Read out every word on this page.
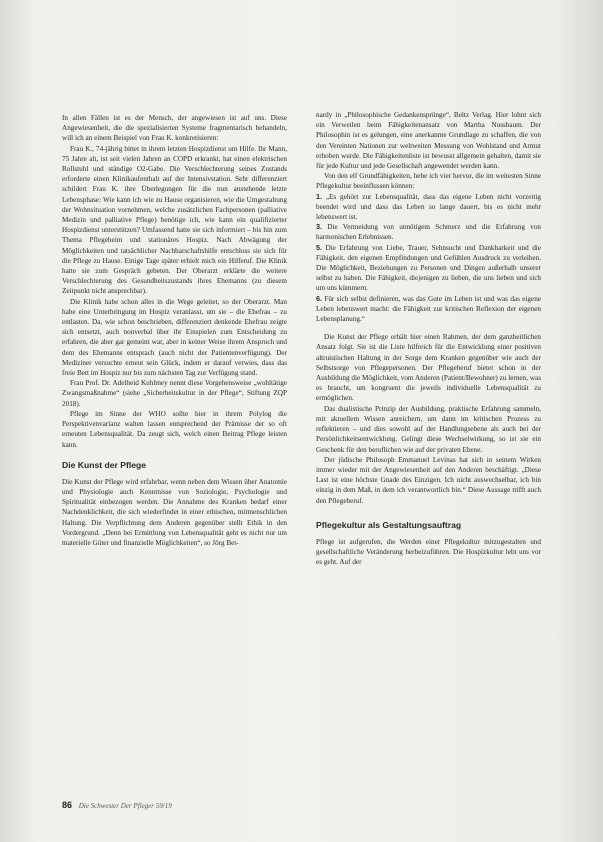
In allen Fällen ist es der Mensch, der angewiesen ist auf uns. Diese Angewiesenheit, die die spezialisierten Systeme fragmentarisch behandeln, will ich an einem Beispiel von Frau K. konkretisieren:

Frau K., 74-jährig bittet in ihrem letzten Hospizdienst um Hilfe. Ihr Mann, 75 Jahre alt, ist seit vielen Jahren an COPD erkrankt, hat einen elektrischen Rollstuhl und ständige O2-Gabe. Die Verschlechterung seines Zustands erforderte einen Klinikaufenthalt auf der Intensivstation. Sehr differenziert schildert Frau K. ihre Überlegungen für die nun anstehende letzte Lebensphase: Wie kann ich wie zu Hause organisieren, wie die Umgestaltung der Wohnsituation vornehmen, welche zusätzlichen Fachpersonen (palliative Medizin und palliative Pflege) benötige ich, wie kann ein qualifizierter Hospizdienst unterstützen? Umfassend hatte sie sich informiert – bis hin zum Thema Pflegeheim und stationäres Hospiz. Nach Abwägung der Möglichkeiten und tatsächlicher Nachbarschaftshilfe entschloss sie sich für die Pflege zu Hause. Einige Tage später erhielt mich ein Hilferuf. Die Klinik hatte sie zum Gespräch gebeten. Der Oberarzt erklärte die weitere Verschlechterung des Gesundheitszustands ihres Ehemanns (zu diesem Zeitpunkt nicht ansprechbar).

Die Klinik habe schon alles in die Wege geleitet, so der Oberarzt. Man habe eine Unterbringung im Hospiz veranlasst, um sie – die Ehefrau – zu entlasten. Da, wie schon beschrieben, differenziert denkende Ehefrau zeigte sich entsetzt, auch nonverbal über ihr Einspielen zum Entscheidung zu erfahren, die aber gar gemeint war, aber in keiner Weise ihrem Anspruch und dem des Ehemanns entsprach (auch nicht der Patientenverfügung). Der Mediziner versuchte erneut sein Glück, indem er darauf verwies, dass das freie Bett im Hospiz nur bis zum nächsten Tag zur Verfügung stand.

Frau Prof. Dr. Adelheid Kuhlmey nennt diese Vorgehensweise „wohltätige Zwangsmaßnahme“ (siehe „Sicherheitskultur in der Pflege“, Stiftung ZQP 2018).

Pflege im Sinne der WHO sollte hier in ihrem Polylog die Perspektivenvarianz walten lassen entsprechend der Prämisse der so oft erneuten Lebensqualität. Da zeugt sich, welch einen Beitrag Pflege leisten kann.

Die Kunst der Pflege

Die Kunst der Pflege wird erfahrbar, wenn neben dem Wissen über Anatomie und Physiologie auch Kenntnisse von Soziologie, Psychologie und Spiritualität einbezogen werden. Die Annahme des Kranken bedarf einer Nachdenklichkeit, die sich wiederfindet in einer ethischen, mitmenschlichen Haltung. Die Verpflichtung dem Anderen gegenüber stellt Ethik in den Vordergrund. „Denn bei Ermittlung von Lebensqualität geht es nicht nur um materielle Güter und finanzielle Möglichkeiten“, so Jörg Bet-

nardy in „Philosophische Gedankensprünge“, Beltz Verlag. Hier lohnt sich ein Verweilen beim Fähigkeitenansatz von Martha Nussbaum. Der Philosophin ist es gelungen, eine anerkannte Grundlage zu schaffen, die von den Vereinten Nationen zur weltweiten Messung von Wohlstand und Armut erhoben wurde. Die Fähigkeitenliste ist bewusst allgemein gehalten, damit sie für jede Kultur und jede Gesellschaft angewendet werden kann.

Von den elf Grundfähigkeiten, hebe ich vier hervor, die im weitesten Sinne Pflegekultur beeinflussen können:

1. „Es gehört zur Lebensqualität, dass das eigene Leben nicht vorzeitig beendet wird und dass das Leben so lange dauert, bis es nicht mehr lebenswert ist.
3. Die Vermeidung von unnötigem Schmerz und die Erfahrung von harmonischen Erlebnissen.
5. Die Erfahrung von Liebe, Trauer, Sehnsucht und Dankbarkeit und die Fähigkeit, den eigenen Empfindungen und Gefühlen Ausdruck zu verleihen. Die Möglichkeit, Beziehungen zu Personen und Dingen außerhalb unserer selbst zu haben. Die Fähigkeit, diejenigen zu lieben, die uns lieben und sich um uns kümmern.
6. Für sich selbst definieren, was das Gute im Leben ist und was das eigene Leben lebenswert macht: die Fähigkeit zur kritischen Reflexion der eigenen Lebensplanung.“

Die Kunst der Pflege erhält hier einen Rahmen, der dem ganzheitlichen Ansatz folgt. Sie ist die Liste hilfreich für die Entwicklung einer positiven altruistischen Haltung in der Sorge dem Kranken gegenüber wie auch der Selbstsorge von Pflegepersonen. Der Pflegeberuf bietet schon in der Ausbildung die Möglichkeit, vom Anderen (Patient/Bewohner) zu lernen, was es braucht, um kongruent die jeweils individuelle Lebensqualität zu ermöglichen.

Das dualistische Prinzip der Ausbildung, praktische Erfahrung sammeln, mit aktuellem Wissen anreichern, um dann im kritischen Prozess zu reflektieren – und dies sowohl auf der Handlungsebene als auch bei der Persönlichkeitsentwicklung. Gelingt diese Wechselwirkung, so ist sie ein Geschenk für den beruflichen wie auf der privaten Ebene.

Der jüdische Philosoph Emmanuel Levinas hat sich in seinem Wirken immer wieder mit der Angewiesenheit auf den Anderen beschäftigt. „Diese Last ist eine höchste Gnade des Einzigen. Ich nicht auswechselbar, ich bin einzig in dem Maß, in dem ich verantwortlich bin.“ Diese Aussage trifft auch den Pflegeberuf.

Pflegekultur als Gestaltungsauftrag

Pflege ist aufgerufen, die Werden einer Pflegekultur mitzugestalten und gesellschaftliche Veränderung herbeizuführen. Die Hospizkultur lebt uns vor es geht. Auf der

86 Die Schwester Der Pfleger 59/19
